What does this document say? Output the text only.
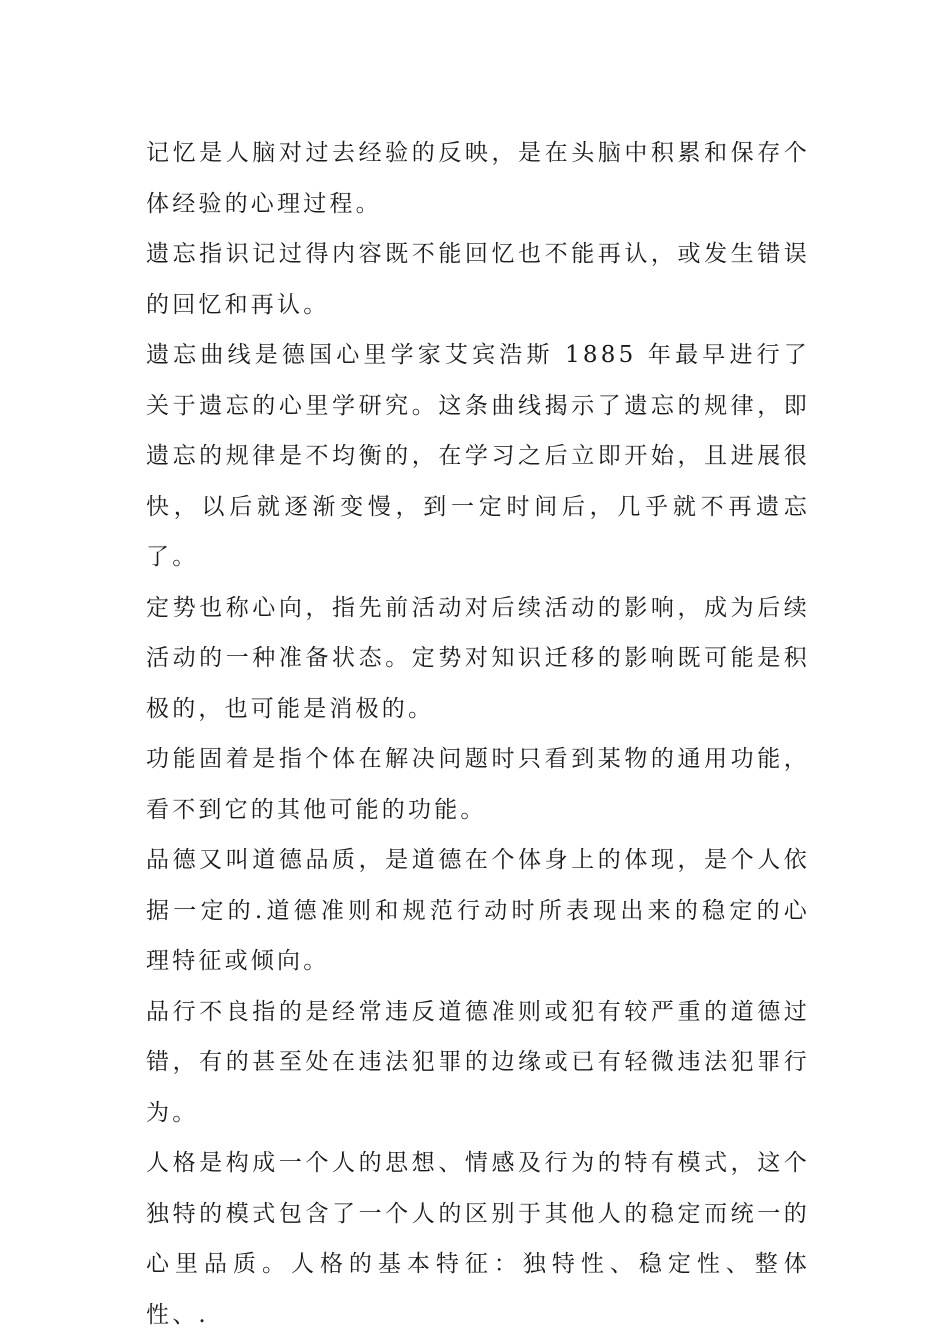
记忆是人脑对过去经验的反映，是在头脑中积累和保存个体经验的心理过程。

遗忘指识记过得内容既不能回忆也不能再认，或发生错误的回忆和再认。

遗忘曲线是德国心里学家艾宾浩斯 1885 年最早进行了关于遗忘的心里学研究。这条曲线揭示了遗忘的规律，即遗忘的规律是不均衡的，在学习之后立即开始，且进展很快，以后就逐渐变慢，到一定时间后，几乎就不再遗忘了。

定势也称心向，指先前活动对后续活动的影响，成为后续活动的一种准备状态。定势对知识迁移的影响既可能是积极的，也可能是消极的。

功能固着是指个体在解决问题时只看到某物的通用功能，看不到它的其他可能的功能。

品德又叫道德品质，是道德在个体身上的体现，是个人依据一定的.道德准则和规范行动时所表现出来的稳定的心理特征或倾向。

品行不良指的是经常违反道德准则或犯有较严重的道德过错，有的甚至处在违法犯罪的边缘或已有轻微违法犯罪行为。

人格是构成一个人的思想、情感及行为的特有模式，这个独特的模式包含了一个人的区别于其他人的稳定而统一的心里品质。人格的基本特征：独特性、稳定性、整体性、.
